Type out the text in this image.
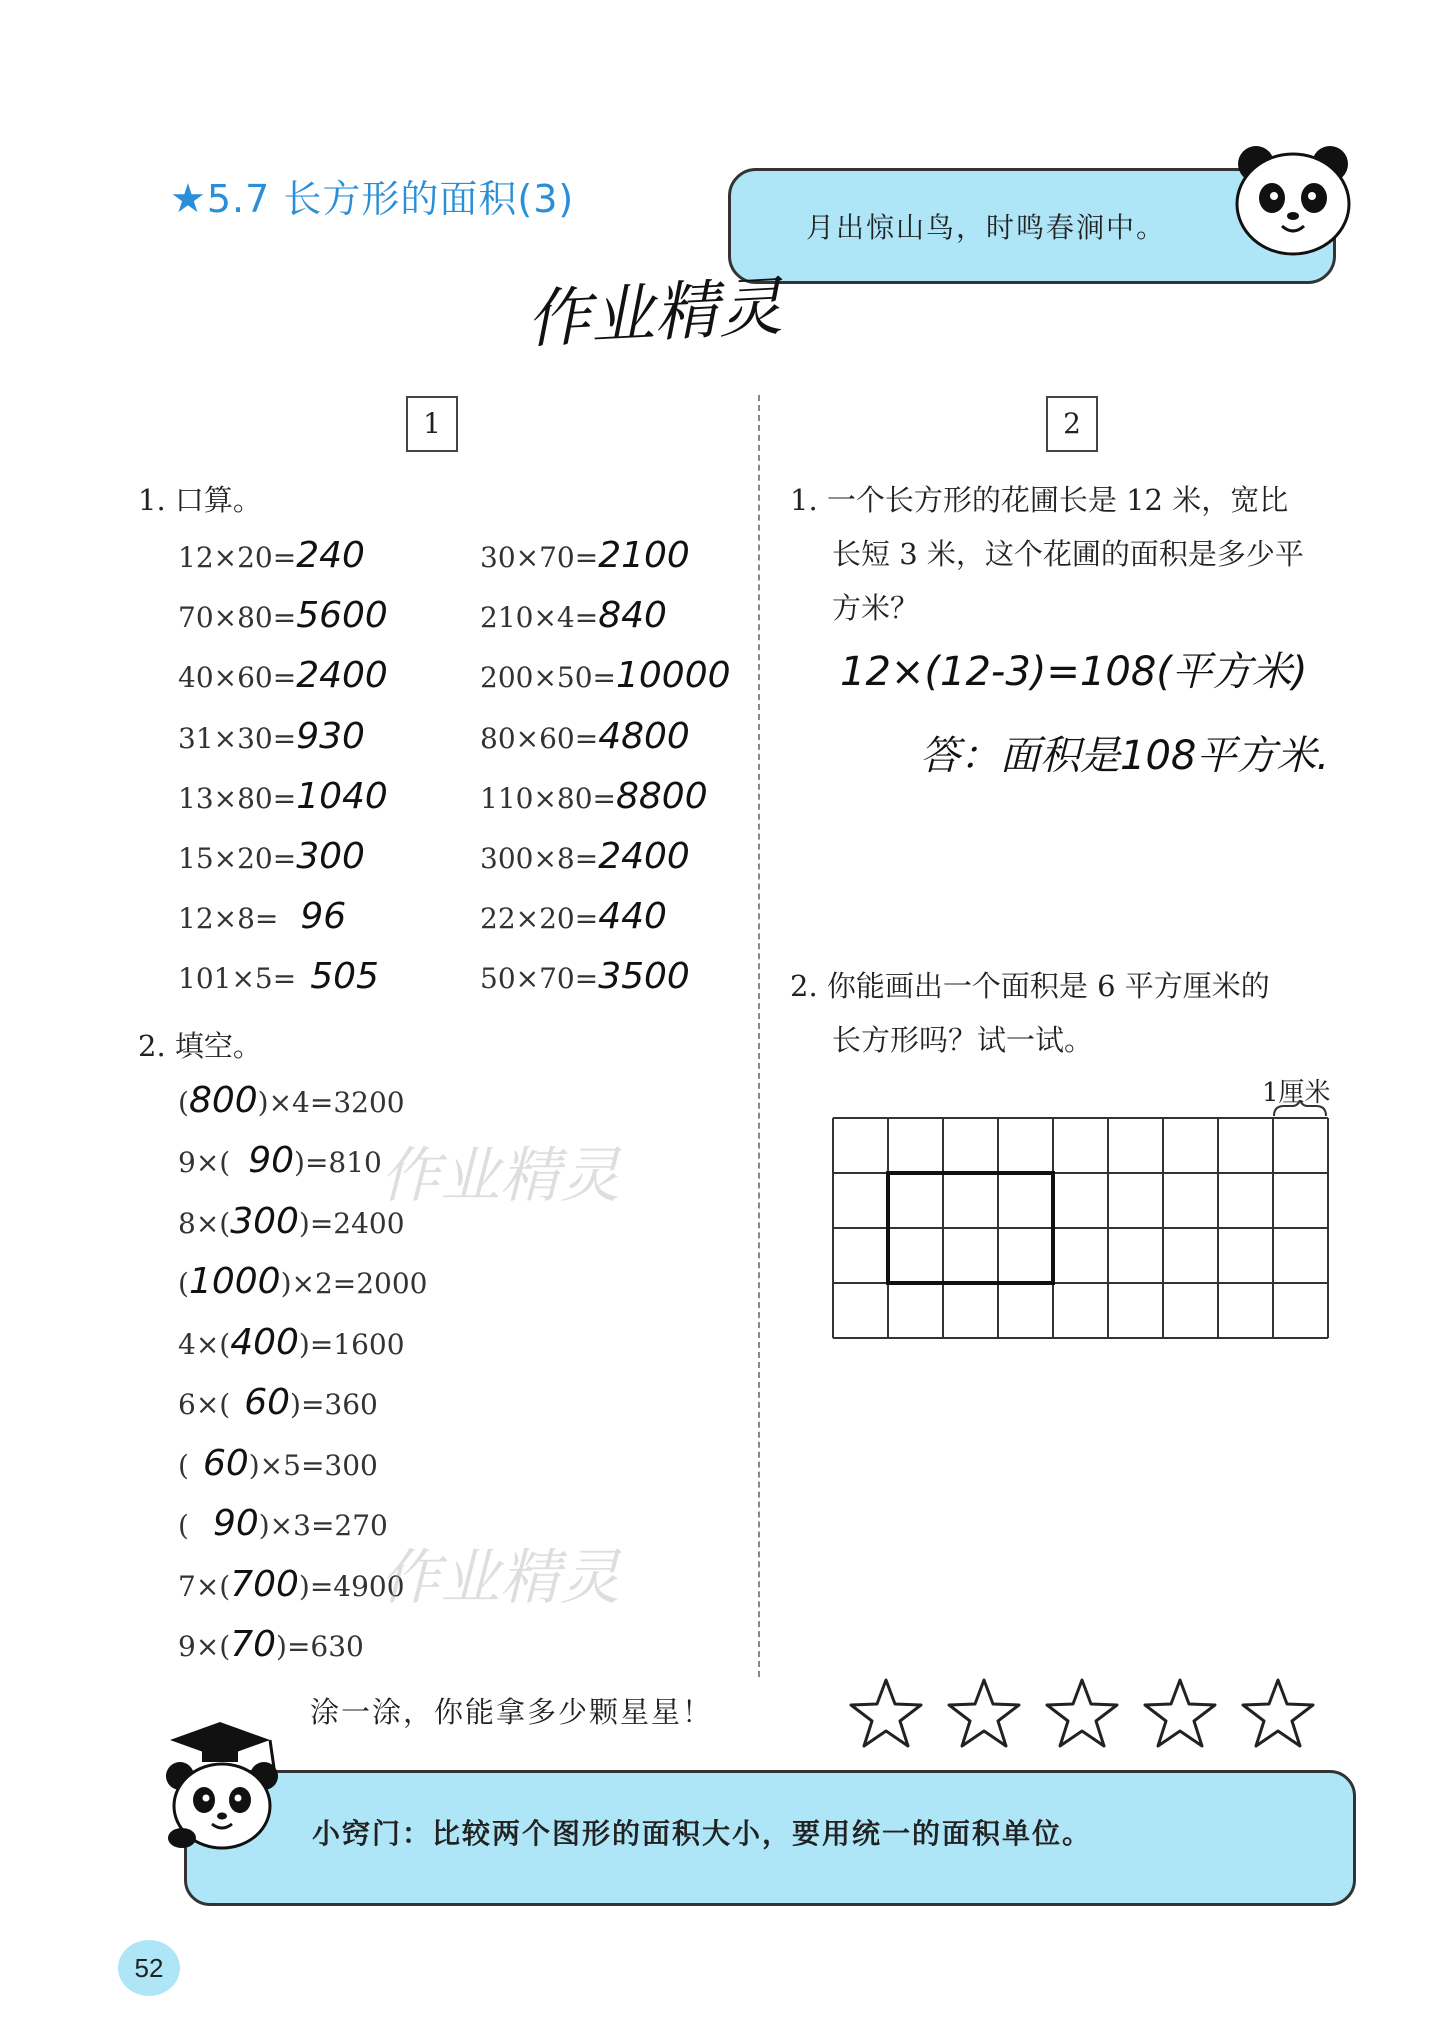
★5.7 长方形的面积(3)
月出惊山鸟，时鸣春涧中。
作业精灵
1	2
1. 口算。
12×20=240
70×80=5600
40×60=2400
31×30=930
13×80=1040
15×20=300
12×8= 96
101×5= 505
30×70=2100
210×4=840
200×50=10000
80×60=4800
110×80=8800
300×8=2400
22×20=440
50×70=3500
2. 填空。
(800)×4=3200
9×( 90)=810
8×(300)=2400
(1000)×2=2000
4×(400)=1600
6×( 60)=360
( 60)×5=300
( 90)×3=270
7×(700)=4900
9×(70)=630
作业精灵
作业精灵
1. 一个长方形的花圃长是 12 米，宽比
长短 3 米，这个花圃的面积是多少平
方米？
12×(12-3)=108(平方米)
答：面积是108平方米.
2. 你能画出一个面积是 6 平方厘米的
长方形吗？试一试。
1厘米
涂一涂，你能拿多少颗星星！
小窍门：比较两个图形的面积大小，要用统一的面积单位。
52
